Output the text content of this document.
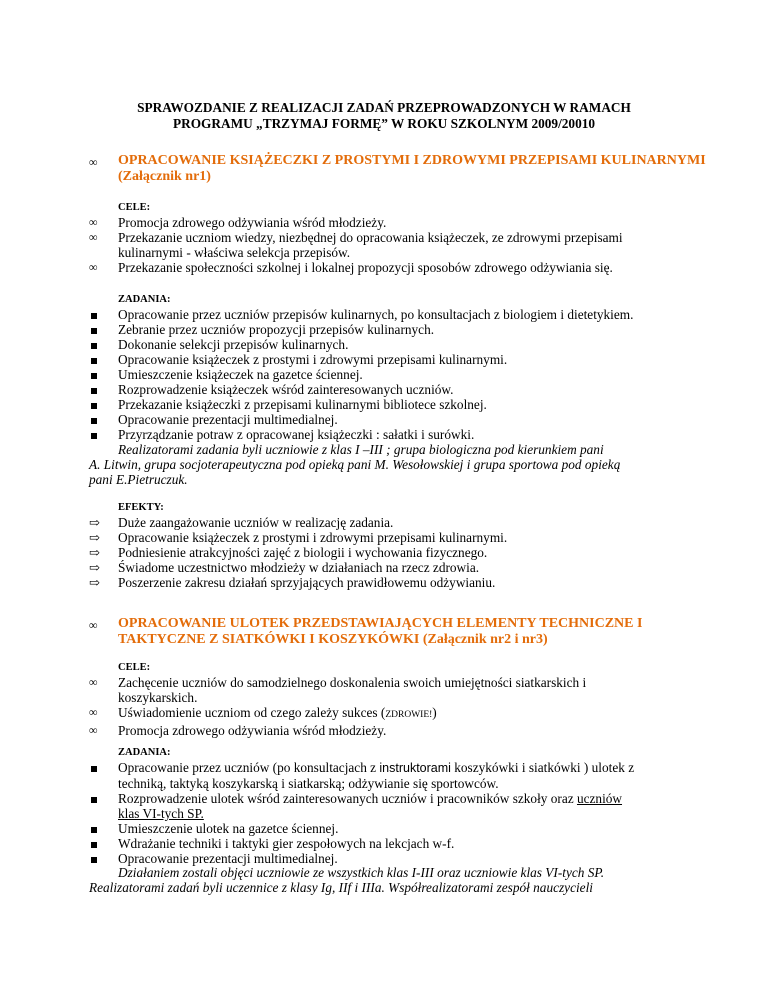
SPRAWOZDANIE Z REALIZACJI ZADAŃ PRZEPROWADZONYCH W RAMACH
PROGRAMU „TRZYMAJ FORMĘ” W ROKU SZKOLNYM 2009/20010
∞ OPRACOWANIE KSIĄŻECZKI Z PROSTYMI I ZDROWYMI PRZEPISAMI KULINARNYMI (Załącznik nr1)
CELE:
∞	Promocja zdrowego odżywiania wśród młodzieży.
∞	Przekazanie uczniom wiedzy, niezbędnej do opracowania książeczek, ze zdrowymi przepisami kulinarnymi - właściwa selekcja przepisów.
∞	Przekazanie społeczności szkolnej i lokalnej propozycji sposobów zdrowego odżywiania się.
ZADANIA:
Opracowanie przez uczniów przepisów kulinarnych, po konsultacjach z biologiem i dietetykiem.
Zebranie przez uczniów propozycji przepisów kulinarnych.
Dokonanie selekcji przepisów kulinarnych.
Opracowanie książeczek z prostymi i zdrowymi przepisami kulinarnymi.
Umieszczenie książeczek na gazetce ściennej.
Rozprowadzenie książeczek wśród zainteresowanych uczniów.
Przekazanie książeczki z przepisami kulinarnymi bibliotece szkolnej.
Opracowanie prezentacji multimedialnej.
Przyrządzanie potraw z opracowanej książeczki : sałatki i surówki.
Realizatorami zadania byli uczniowie z klas I –III ; grupa biologiczna pod kierunkiem pani
A. Litwin, grupa socjoterapeutyczna pod opieką pani M. Wesołowskiej i grupa sportowa pod opieką
pani E.Pietruczuk.
EFEKTY:
⇨	Duże zaangażowanie uczniów w realizację zadania.
⇨	Opracowanie książeczek z prostymi i zdrowymi przepisami kulinarnymi.
⇨	Podniesienie atrakcyjności zajęć z biologii i wychowania fizycznego.
⇨	Świadome uczestnictwo młodzieży w działaniach na rzecz zdrowia.
⇨	Poszerzenie zakresu działań sprzyjających prawidłowemu odżywianiu.
∞ OPRACOWANIE ULOTEK PRZEDSTAWIAJĄCYCH ELEMENTY TECHNICZNE I
TAKTYCZNE Z SIATKÓWKI I KOSZYKÓWKI (Załącznik nr2 i nr3)
CELE:
∞	Zachęcenie uczniów do samodzielnego doskonalenia swoich umiejętności siatkarskich i
koszykarskich.
∞	Uświadomienie uczniom od czego zależy sukces (ZDROWIE!)
∞	Promocja zdrowego odżywiania wśród młodzieży.
ZADANIA:
Opracowanie przez uczniów (po konsultacjach z instruktorami koszykówki i siatkówki ) ulotek z
techniką, taktyką koszykarską i siatkarską; odżywianie się sportowców.
Rozprowadzenie ulotek wśród zainteresowanych uczniów i pracowników szkoły oraz uczniów
klas VI-tych SP.
Umieszczenie ulotek na gazetce ściennej.
Wdrażanie techniki i taktyki gier zespołowych na lekcjach w-f.
Opracowanie prezentacji multimedialnej.
Działaniem zostali objęci uczniowie ze wszystkich klas I-III oraz uczniowie klas VI-tych SP.
Realizatorami zadań byli uczennice z klasy Ig, IIf i IIIa. Współrealizatorami zespół nauczycieli
